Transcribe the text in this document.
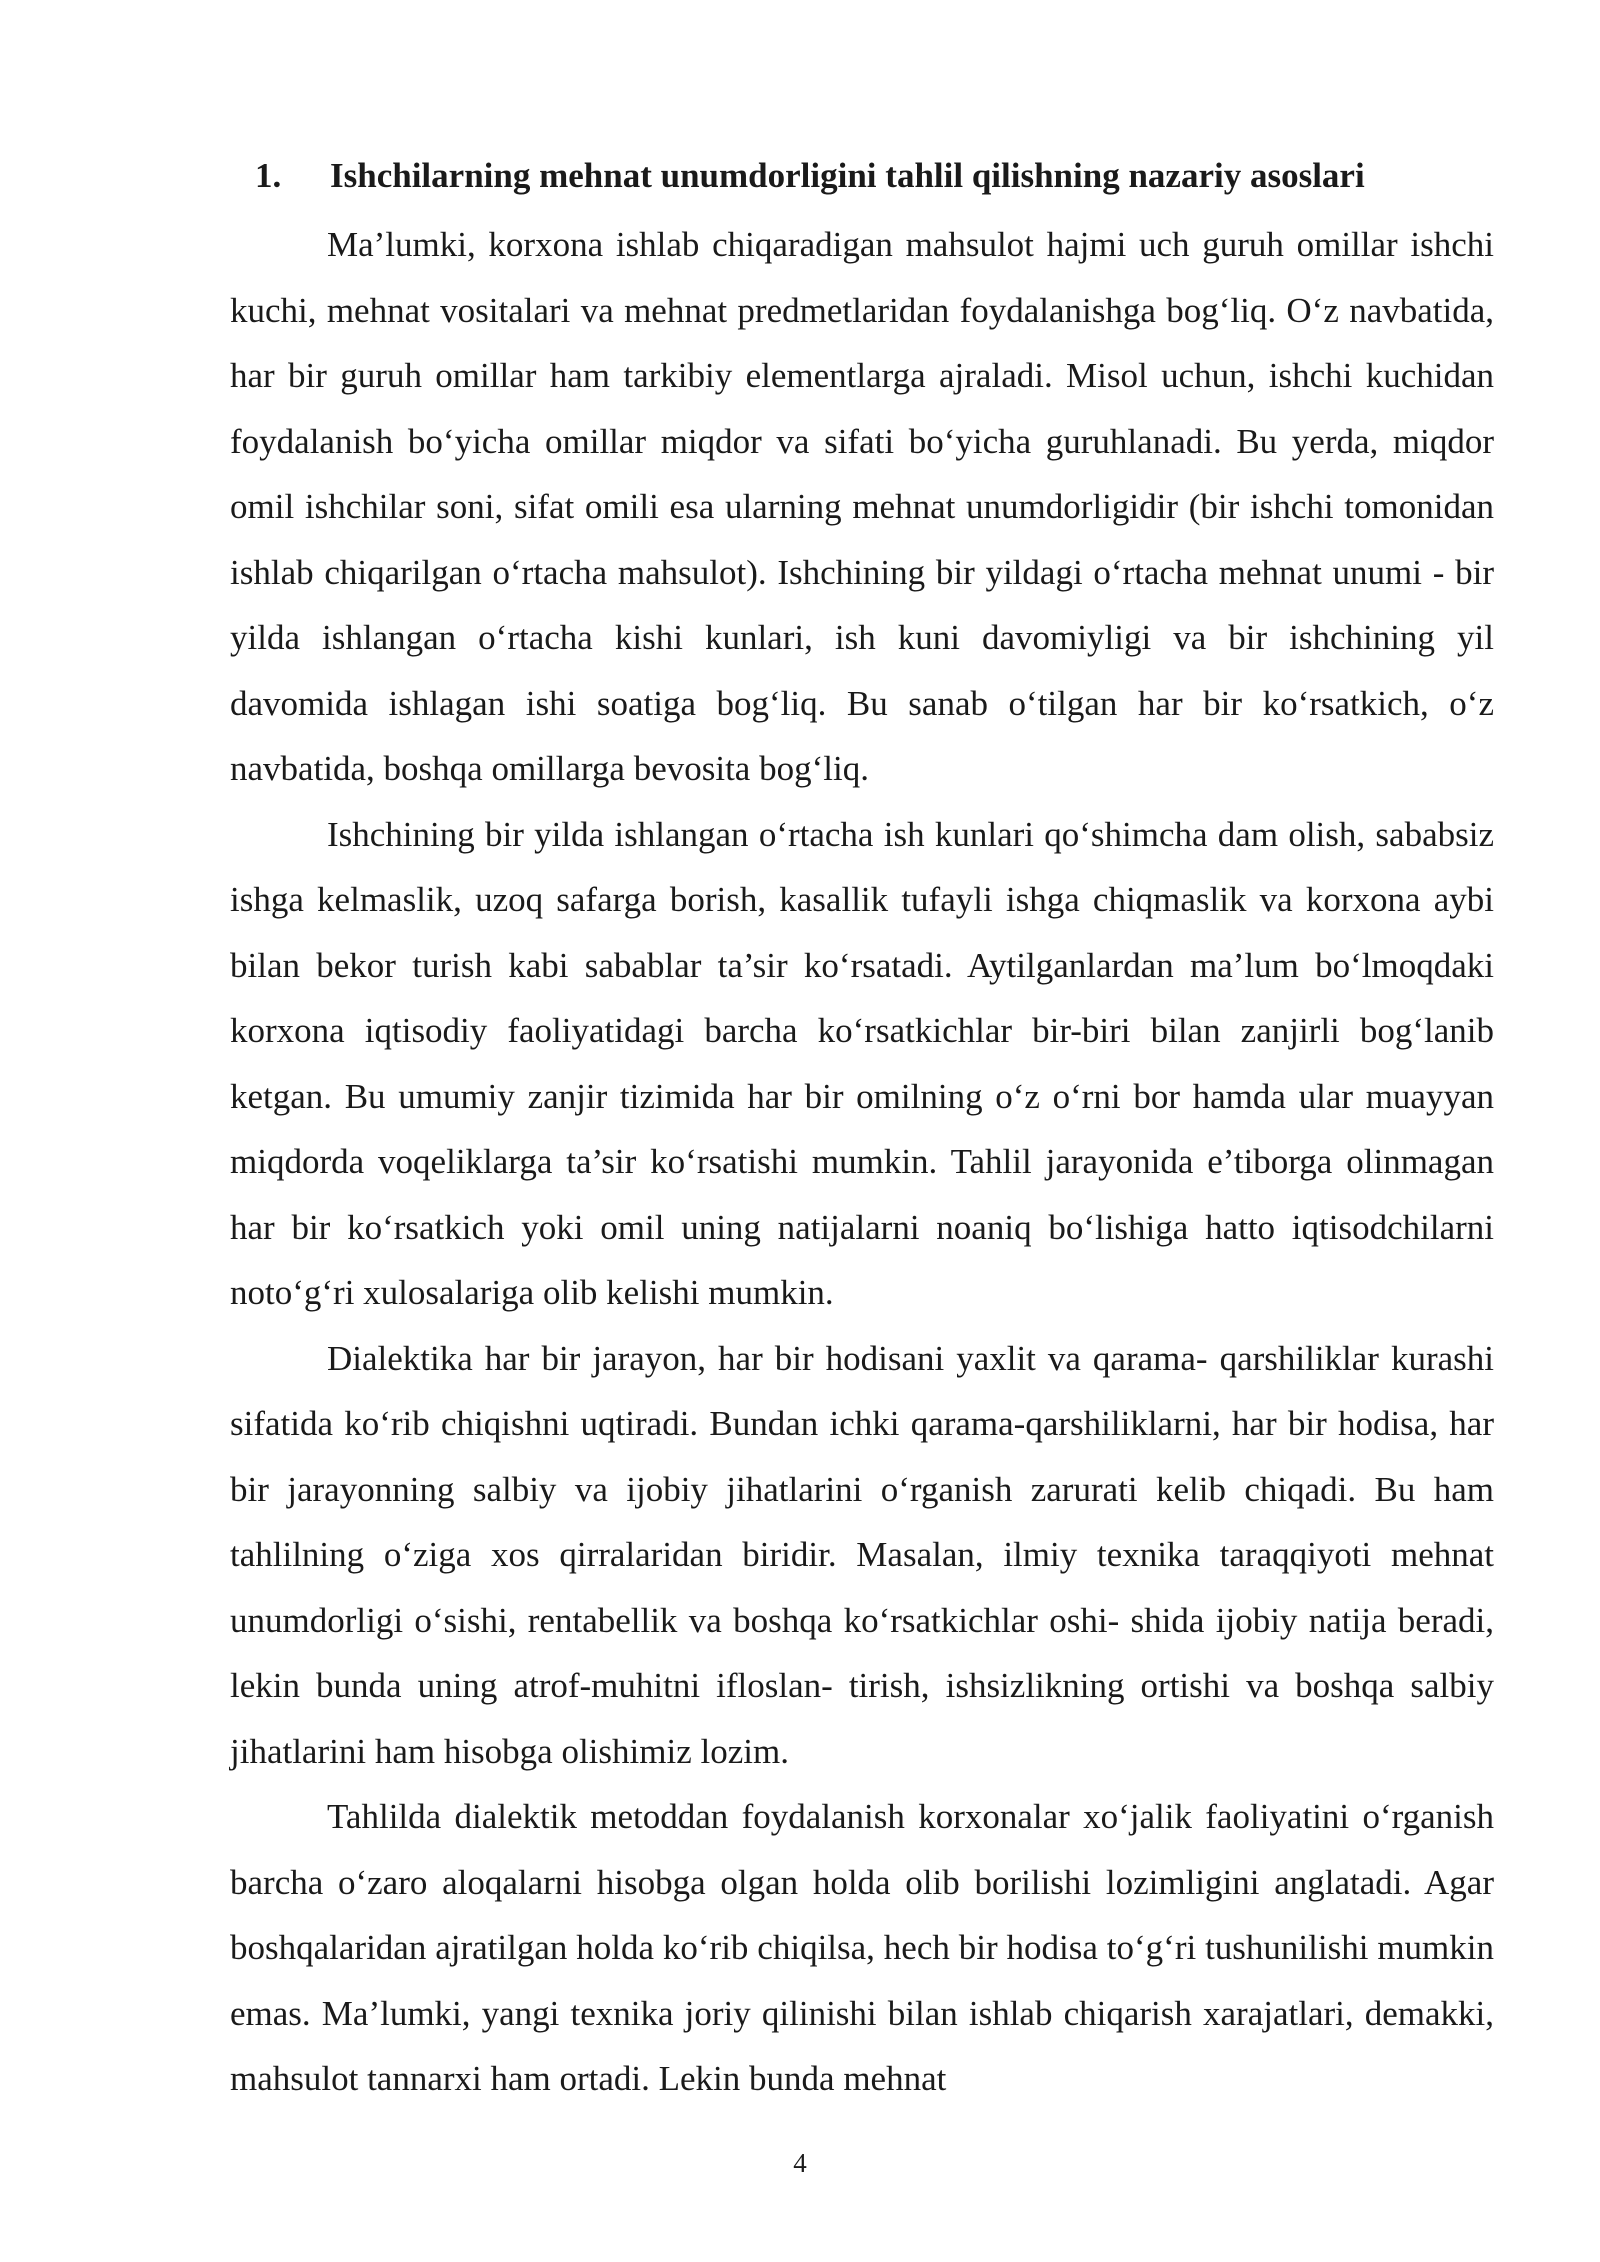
1.	Ishchilarning mehnat unumdorligini tahlil qilishning nazariy asoslari

Ma’lumki, korxona ishlab chiqaradigan mahsulot hajmi uch guruh omillar ishchi kuchi, mehnat vositalari va mehnat predmetlaridan foydalanishga bog‘liq. O‘z navbatida, har bir guruh omillar ham tarkibiy elementlarga ajraladi. Misol uchun, ishchi kuchidan foydalanish bo‘yicha omillar miqdor va sifati bo‘yicha guruhlanadi. Bu yerda, miqdor omil ishchilar soni, sifat omili esa ularning mehnat unumdorligidir (bir ishchi tomonidan ishlab chiqarilgan o‘rtacha mahsulot). Ishchining bir yildagi o‘rtacha mehnat unumi - bir yilda ishlangan o‘rtacha kishi kunlari, ish kuni davomiyligi va bir ishchining yil davomida ishlagan ishi soatiga bog‘liq. Bu sanab o‘tilgan har bir ko‘rsatkich, o‘z navbatida, boshqa omillarga bevosita bog‘liq.

Ishchining bir yilda ishlangan o‘rtacha ish kunlari qo‘shimcha dam olish, sababsiz ishga kelmaslik, uzoq safarga borish, kasallik tufayli ishga chiqmaslik va korxona aybi bilan bekor turish kabi sabablar ta’sir ko‘rsatadi. Aytilganlardan ma’lum bo‘lmoqdaki korxona iqtisodiy faoliyatidagi barcha ko‘rsatkichlar bir-biri bilan zanjirli bog‘lanib ketgan. Bu umumiy zanjir tizimida har bir omilning o‘z o‘rni bor hamda ular muayyan miqdorda voqeliklarga ta’sir ko‘rsatishi mumkin. Tahlil jarayonida e’tiborga olinmagan har bir ko‘rsatkich yoki omil uning natijalarni noaniq bo‘lishiga hatto iqtisodchilarni noto‘g‘ri xulosalariga olib kelishi mumkin.

Dialektika har bir jarayon, har bir hodisani yaxlit va qarama- qarshiliklar kurashi sifatida ko‘rib chiqishni uqtiradi. Bundan ichki qarama-qarshiliklarni, har bir hodisa, har bir jarayonning salbiy va ijobiy jihatlarini o‘rganish zarurati kelib chiqadi. Bu ham tahlilning o‘ziga xos qirralaridan biridir. Masalan, ilmiy texnika taraqqiyoti mehnat unumdorligi o‘sishi, rentabellik va boshqa ko‘rsatkichlar oshi- shida ijobiy natija beradi, lekin bunda uning atrof-muhitni ifloslan- tirish, ishsizlikning ortishi va boshqa salbiy jihatlarini ham hisobga olishimiz lozim.

Tahlilda dialektik metoddan foydalanish korxonalar xo‘jalik faoliyatini o‘rganish barcha o‘zaro aloqalarni hisobga olgan holda olib borilishi lozimligini anglatadi. Agar boshqalaridan ajratilgan holda ko‘rib chiqilsa, hech bir hodisa to‘g‘ri tushunilishi mumkin emas. Ma’lumki, yangi texnika joriy qilinishi bilan ishlab chiqarish xarajatlari, demakki, mahsulot tannarxi ham ortadi. Lekin bunda mehnat

4
